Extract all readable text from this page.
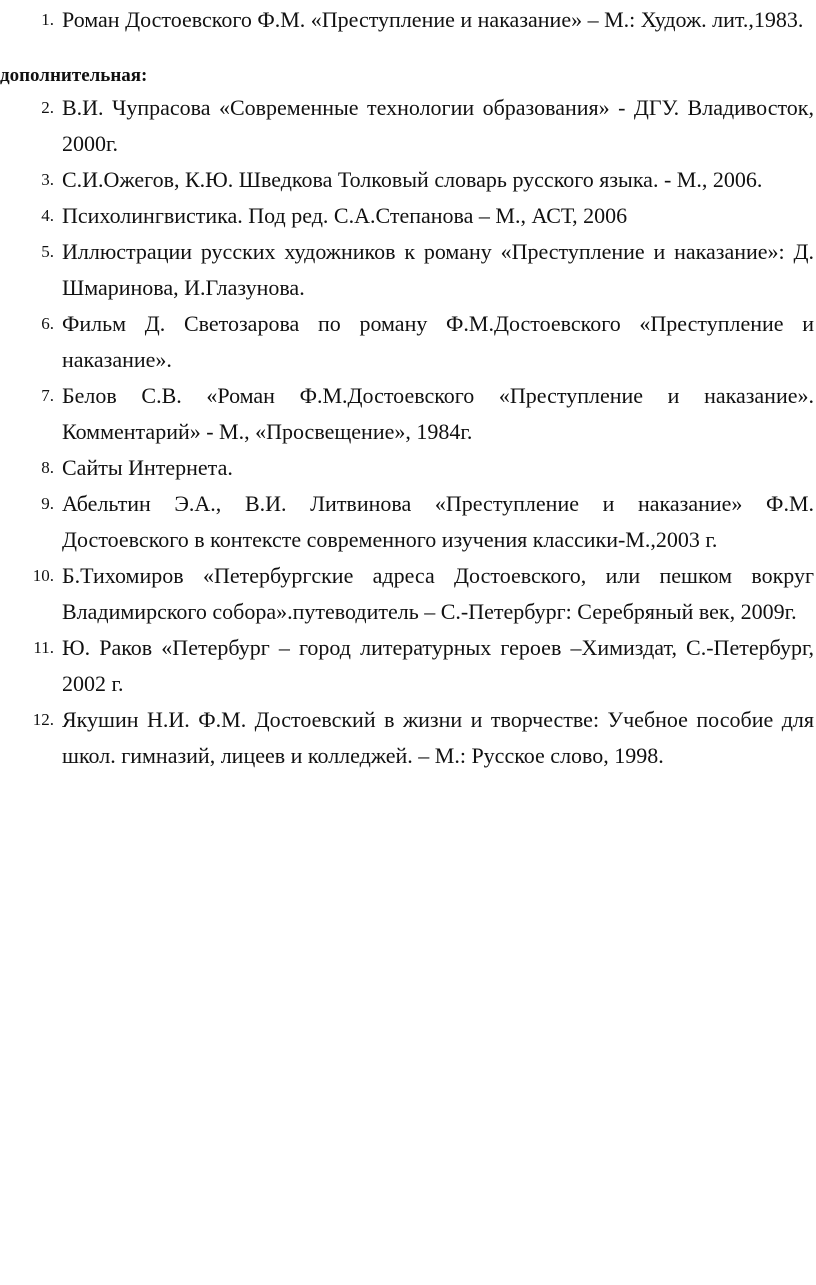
1. Роман Достоевского Ф.М. «Преступление и наказание» – М.: Худож. лит.,1983.
дополнительная:
2. В.И. Чупрасова «Современные технологии образования» - ДГУ. Владивосток, 2000г.
3. С.И.Ожегов, К.Ю. Шведкова Толковый словарь русского языка. - М., 2006.
4. Психолингвистика. Под ред. С.А.Степанова – М., АСТ, 2006
5. Иллюстрации русских художников к роману «Преступление и наказание»: Д. Шмаринова, И.Глазунова.
6. Фильм Д. Светозарова по роману Ф.М.Достоевского «Преступление и наказание».
7. Белов С.В. «Роман Ф.М.Достоевского «Преступление и наказание». Комментарий» - М., «Просвещение», 1984г.
8. Сайты Интернета.
9. Абельтин Э.А., В.И. Литвинова «Преступление и наказание» Ф.М. Достоевского в контексте современного изучения классики-М.,2003 г.
10. Б.Тихомиров «Петербургские адреса Достоевского, или пешком вокруг Владимирского собора».путеводитель – С.-Петербург: Серебряный век, 2009г.
11. Ю. Раков «Петербург – город литературных героев –Химиздат, С.-Петербург, 2002 г.
12. Якушин Н.И. Ф.М. Достоевский в жизни и творчестве: Учебное пособие для школ. гимназий, лицеев и колледжей. – М.: Русское слово, 1998.
